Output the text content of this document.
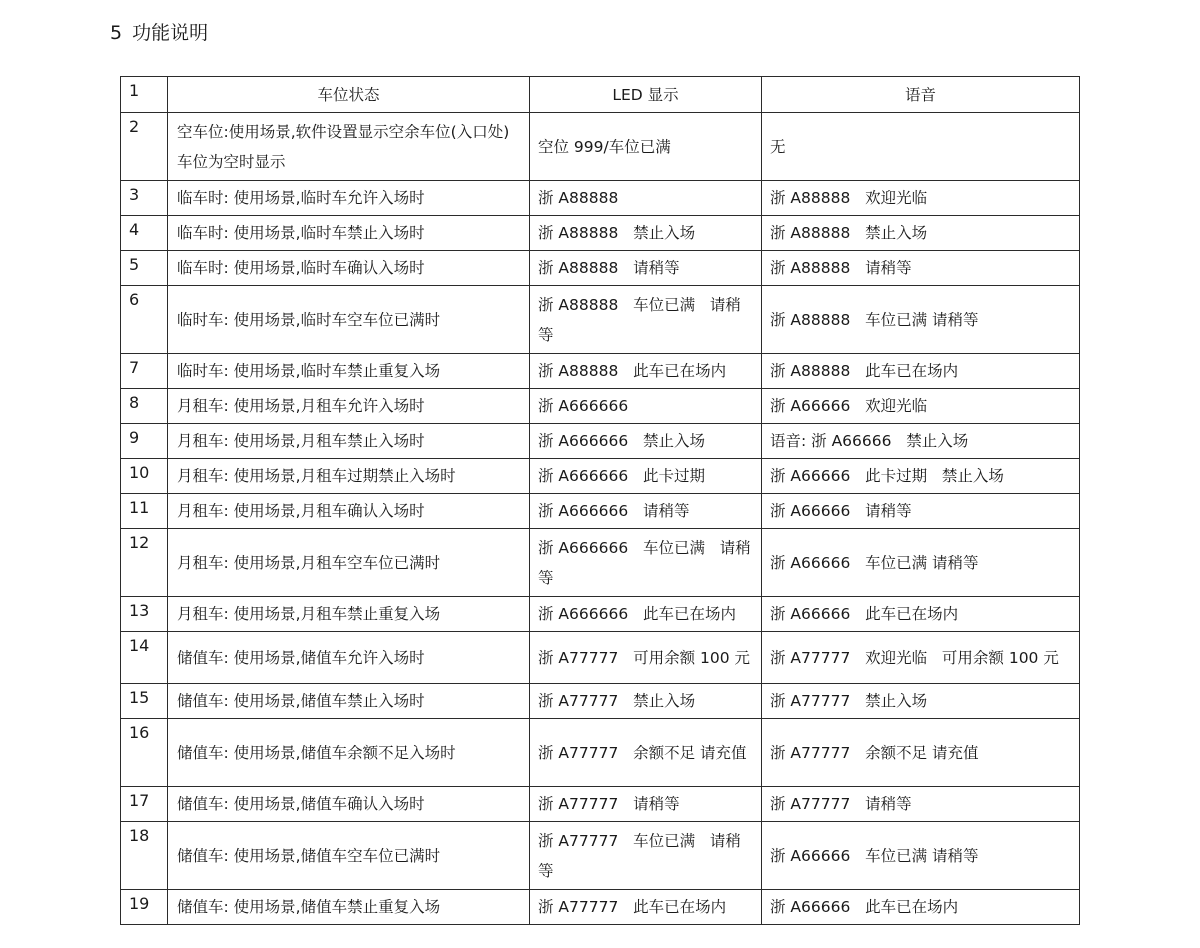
5 功能说明
1	车位状态	LED 显示	语音
2	空车位:使用场景,软件设置显示空余车位(入口处)  车位为空时显示	空位 999/车位已满	无
3	临车时: 使用场景,临时车允许入场时	浙 A88888	浙 A88888   欢迎光临
4	临车时: 使用场景,临时车禁止入场时	浙 A88888   禁止入场	浙 A88888   禁止入场
5	临车时: 使用场景,临时车确认入场时	浙 A88888   请稍等	浙 A88888   请稍等
6	临时车: 使用场景,临时车空车位已满时	浙 A88888   车位已满   请稍等	浙 A88888   车位已满 请稍等
7	临时车: 使用场景,临时车禁止重复入场	浙 A88888   此车已在场内	浙 A88888   此车已在场内
8	月租车: 使用场景,月租车允许入场时	浙 A666666	浙 A66666   欢迎光临
9	月租车: 使用场景,月租车禁止入场时	浙 A666666   禁止入场	语音: 浙 A66666   禁止入场
10	月租车: 使用场景,月租车过期禁止入场时	浙 A666666   此卡过期	浙 A66666   此卡过期   禁止入场
11	月租车: 使用场景,月租车确认入场时	浙 A666666   请稍等	浙 A66666   请稍等
12	月租车: 使用场景,月租车空车位已满时	浙 A666666   车位已满   请稍等	浙 A66666   车位已满 请稍等
13	月租车: 使用场景,月租车禁止重复入场	浙 A666666   此车已在场内	浙 A66666   此车已在场内
14	储值车: 使用场景,储值车允许入场时	浙 A77777   可用余额 100 元	浙 A77777   欢迎光临   可用余额 100 元
15	储值车: 使用场景,储值车禁止入场时	浙 A77777   禁止入场	浙 A77777   禁止入场
16	储值车: 使用场景,储值车余额不足入场时	浙 A77777   余额不足 请充值	浙 A77777   余额不足 请充值
17	储值车: 使用场景,储值车确认入场时	浙 A77777   请稍等	浙 A77777   请稍等
18	储值车: 使用场景,储值车空车位已满时	浙 A77777   车位已满   请稍等	浙 A66666   车位已满 请稍等
19	储值车: 使用场景,储值车禁止重复入场	浙 A77777   此车已在场内	浙 A66666   此车已在场内
